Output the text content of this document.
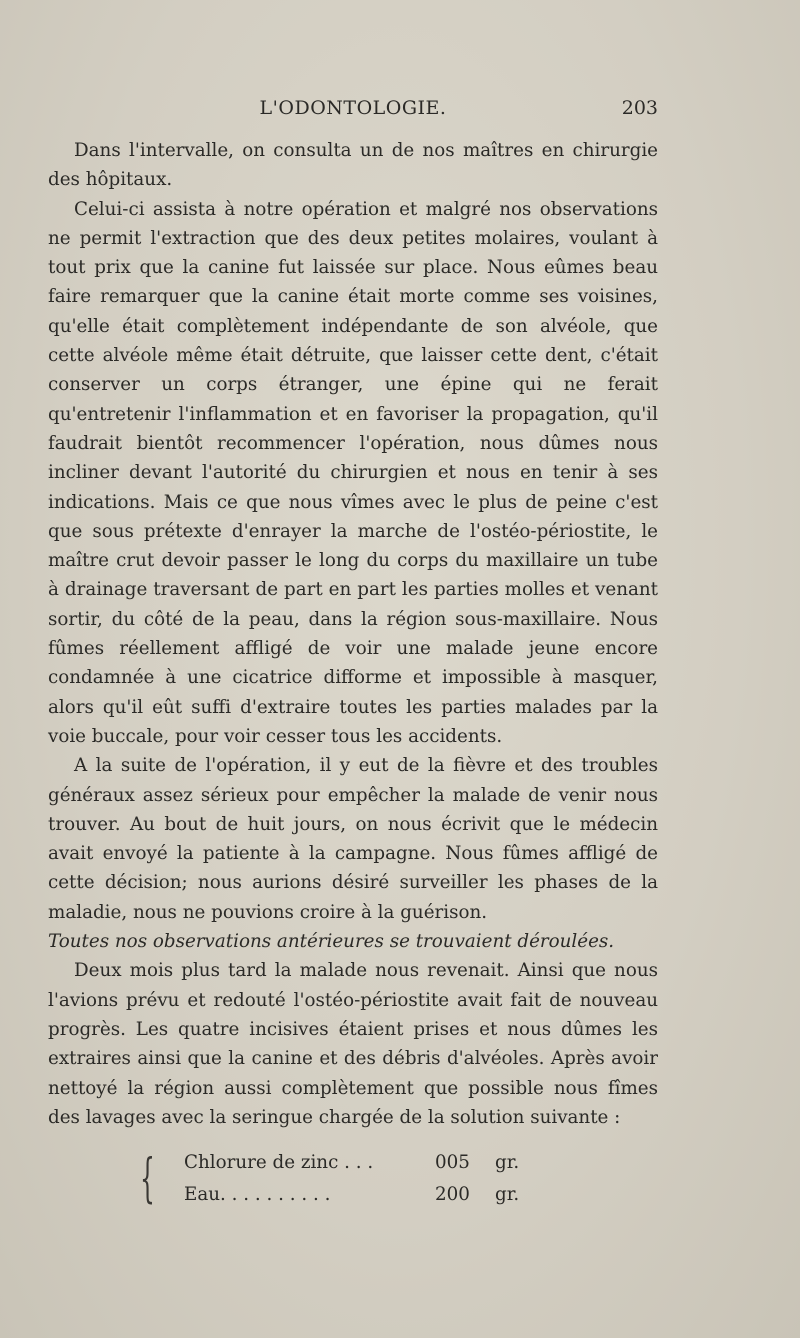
L'ODONTOLOGIE.	203

Dans l'intervalle, on consulta un de nos maîtres en chirurgie des hôpitaux.

Celui-ci assista à notre opération et malgré nos observations ne permit l'extraction que des deux petites molaires, voulant à tout prix que la canine fut laissée sur place. Nous eûmes beau faire remarquer que la canine était morte comme ses voisines, qu'elle était complètement indépendante de son alvéole, que cette alvéole même était détruite, que laisser cette dent, c'était conserver un corps étranger, une épine qui ne ferait qu'entretenir l'inflammation et en favoriser la propagation, qu'il faudrait bientôt recommencer l'opération, nous dûmes nous incliner devant l'autorité du chirurgien et nous en tenir à ses indications. Mais ce que nous vîmes avec le plus de peine c'est que sous prétexte d'enrayer la marche de l'ostéo-périostite, le maître crut devoir passer le long du corps du maxillaire un tube à drainage traversant de part en part les parties molles et venant sortir, du côté de la peau, dans la région sous-maxillaire. Nous fûmes réellement affligé de voir une malade jeune encore condamnée à une cicatrice difforme et impossible à masquer, alors qu'il eût suffi d'extraire toutes les parties malades par la voie buccale, pour voir cesser tous les accidents.

A la suite de l'opération, il y eut de la fièvre et des troubles généraux assez sérieux pour empêcher la malade de venir nous trouver. Au bout de huit jours, on nous écrivit que le médecin avait envoyé la patiente à la campagne. Nous fûmes affligé de cette décision; nous aurions désiré surveiller les phases de la maladie, nous ne pouvions croire à la guérison.

Toutes nos observations antérieures se trouvaient déroulées.

Deux mois plus tard la malade nous revenait. Ainsi que nous l'avions prévu et redouté l'ostéo-périostite avait fait de nouveau progrès. Les quatre incisives étaient prises et nous dûmes les extraires ainsi que la canine et des débris d'alvéoles. Après avoir nettoyé la région aussi complètement que possible nous fîmes des lavages avec la seringue chargée de la solution suivante :

{ Chlorure de zinc . . .	005 gr.
Eau. . . . . . . . . .	200 gr.
